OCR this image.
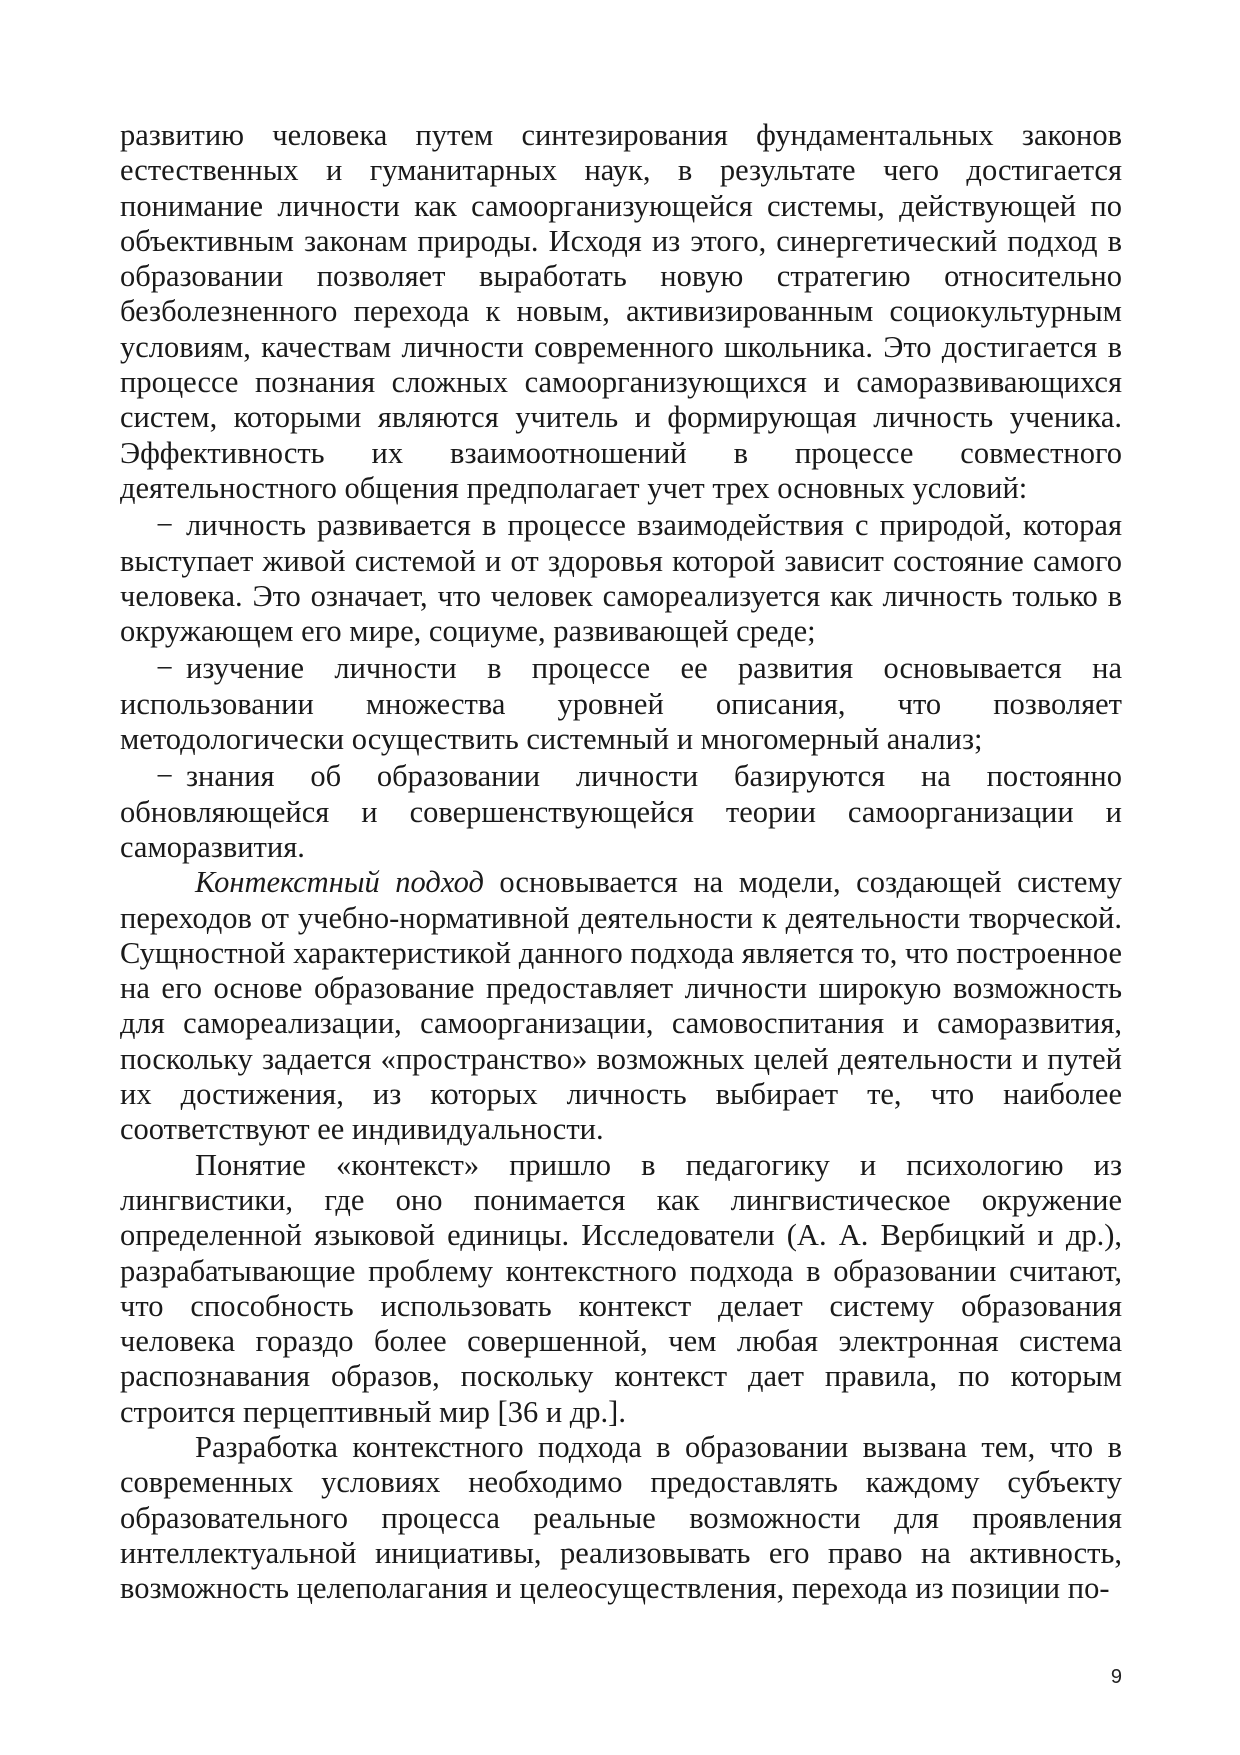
развитию человека путем синтезирования фундаментальных законов естественных и гуманитарных наук, в результате чего достигается понимание личности как самоорганизующейся системы, действующей по объективным законам природы. Исходя из этого, синергетический подход в образовании позволяет выработать новую стратегию относительно безболезненного перехода к новым, активизированным социокультурным условиям, качествам личности современного школьника. Это достигается в процессе познания сложных самоорганизующихся и саморазвивающихся систем, которыми являются учитель и формирующая личность ученика. Эффективность их взаимоотношений в процессе совместного деятельностного общения предполагает учет трех основных условий:

− личность развивается в процессе взаимодействия с природой, которая выступает живой системой и от здоровья которой зависит состояние самого человека. Это означает, что человек самореализуется как личность только в окружающем его мире, социуме, развивающей среде;

− изучение личности в процессе ее развития основывается на использовании множества уровней описания, что позволяет методологически осуществить системный и многомерный анализ;

− знания об образовании личности базируются на постоянно обновляющейся и совершенствующейся теории самоорганизации и саморазвития.

Контекстный подход основывается на модели, создающей систему переходов от учебно-нормативной деятельности к деятельности творческой. Сущностной характеристикой данного подхода является то, что построенное на его основе образование предоставляет личности широкую возможность для самореализации, самоорганизации, самовоспитания и саморазвития, поскольку задается «пространство» возможных целей деятельности и путей их достижения, из которых личность выбирает те, что наиболее соответствуют ее индивидуальности.

Понятие «контекст» пришло в педагогику и психологию из лингвистики, где оно понимается как лингвистическое окружение определенной языковой единицы. Исследователи (А. А. Вербицкий и др.), разрабатывающие проблему контекстного подхода в образовании считают, что способность использовать контекст делает систему образования человека гораздо более совершенной, чем любая электронная система распознавания образов, поскольку контекст дает правила, по которым строится перцептивный мир [36 и др.].

Разработка контекстного подхода в образовании вызвана тем, что в современных условиях необходимо предоставлять каждому субъекту образовательного процесса реальные возможности для проявления интеллектуальной инициативы, реализовывать его право на активность, возможность целеполагания и целеосуществления, перехода из позиции по-

9
